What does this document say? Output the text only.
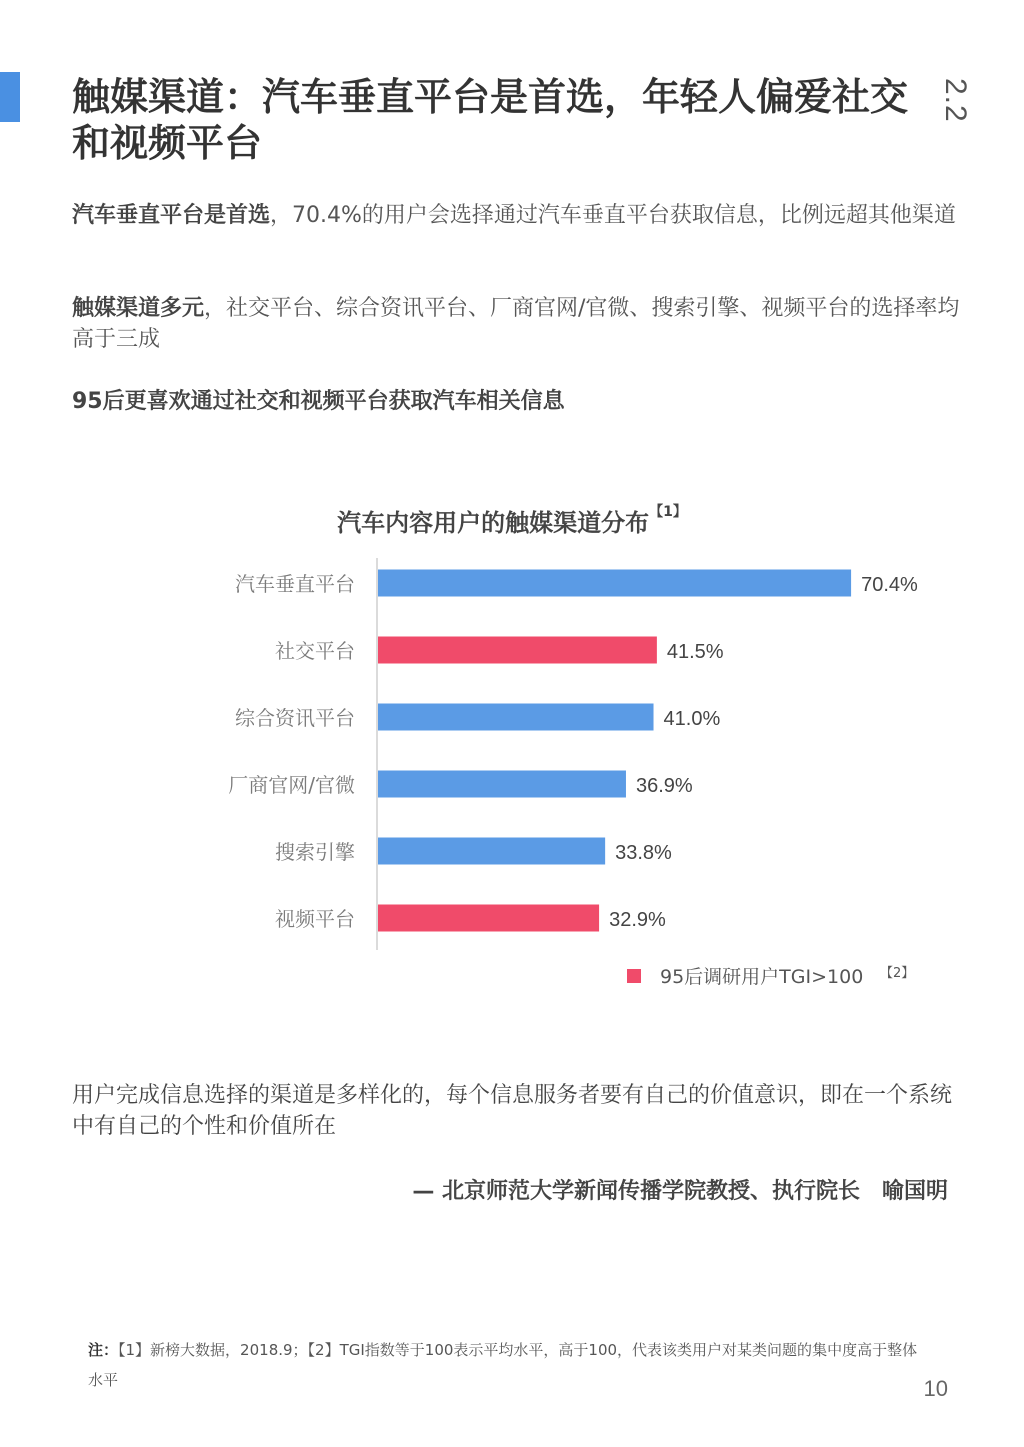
2.2
触媒渠道：汽车垂直平台是首选，年轻人偏爱社交和视频平台

汽车垂直平台是首选，70.4%的用户会选择通过汽车垂直平台获取信息，比例远超其他渠道

触媒渠道多元，社交平台、综合资讯平台、厂商官网/官微、搜索引擎、视频平台的选择率均高于三成

95后更喜欢通过社交和视频平台获取汽车相关信息

汽车内容用户的触媒渠道分布$^{【1】}$
汽车垂直平台	70.4%
社交平台	41.5%
综合资讯平台	41.0%
厂商官网/官微	36.9%
搜索引擎	33.8%
视频平台	32.9%
95后调研用户TGI>100 【2】

用户完成信息选择的渠道是多样化的，每个信息服务者要有自己的价值意识，即在一个系统中有自己的个性和价值所在

— 北京师范大学新闻传播学院教授、执行院长　喻国明

注：【1】新榜大数据，2018.9；【2】TGI指数等于100表示平均水平，高于100，代表该类用户对某类问题的集中度高于整体水平	10
